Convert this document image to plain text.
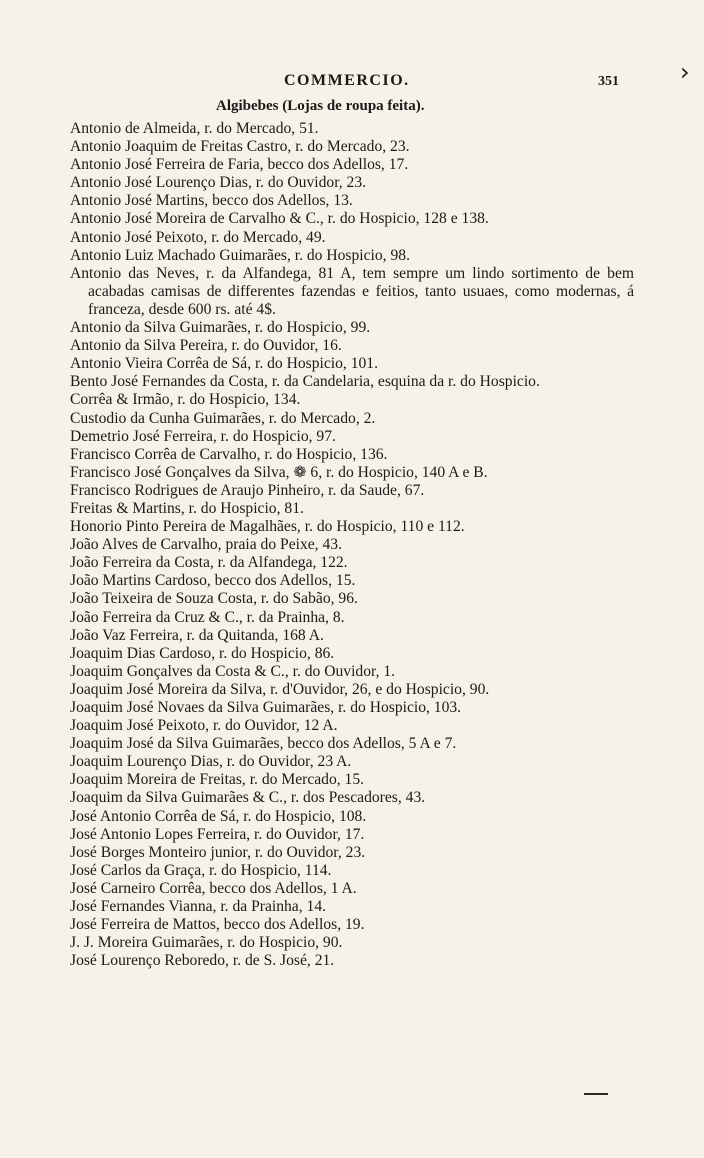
COMMERCIO.	351	›
Algibebes (Lojas de roupa feita).
Antonio de Almeida, r. do Mercado, 51.
Antonio Joaquim de Freitas Castro, r. do Mercado, 23.
Antonio José Ferreira de Faria, becco dos Adellos, 17.
Antonio José Lourenço Dias, r. do Ouvidor, 23.
Antonio José Martins, becco dos Adellos, 13.
Antonio José Moreira de Carvalho & C., r. do Hospicio, 128 e 138.
Antonio José Peixoto, r. do Mercado, 49.
Antonio Luiz Machado Guimarães, r. do Hospicio, 98.
Antonio das Neves, r. da Alfandega, 81 A, tem sempre um lindo sortimento de bem acabadas camisas de differentes fazendas e feitios, tanto usuaes, como modernas, á franceza, desde 600 rs. até 4$.
Antonio da Silva Guimarães, r. do Hospicio, 99.
Antonio da Silva Pereira, r. do Ouvidor, 16.
Antonio Vieira Corrêa de Sá, r. do Hospicio, 101.
Bento José Fernandes da Costa, r. da Candelaria, esquina da r. do Hospicio.
Corrêa & Irmão, r. do Hospicio, 134.
Custodio da Cunha Guimarães, r. do Mercado, 2.
Demetrio José Ferreira, r. do Hospicio, 97.
Francisco Corrêa de Carvalho, r. do Hospicio, 136.
Francisco José Gonçalves da Silva, ❁ 6, r. do Hospicio, 140 A e B.
Francisco Rodrigues de Araujo Pinheiro, r. da Saude, 67.
Freitas & Martins, r. do Hospicio, 81.
Honorio Pinto Pereira de Magalhães, r. do Hospicio, 110 e 112.
João Alves de Carvalho, praia do Peixe, 43.
João Ferreira da Costa, r. da Alfandega, 122.
João Martins Cardoso, becco dos Adellos, 15.
João Teixeira de Souza Costa, r. do Sabão, 96.
João Ferreira da Cruz & C., r. da Prainha, 8.
João Vaz Ferreira, r. da Quitanda, 168 A.
Joaquim Dias Cardoso, r. do Hospicio, 86.
Joaquim Gonçalves da Costa & C., r. do Ouvidor, 1.
Joaquim José Moreira da Silva, r. d'Ouvidor, 26, e do Hospicio, 90.
Joaquim José Novaes da Silva Guimarães, r. do Hospicio, 103.
Joaquim José Peixoto, r. do Ouvidor, 12 A.
Joaquim José da Silva Guimarães, becco dos Adellos, 5 A e 7.
Joaquim Lourenço Dias, r. do Ouvidor, 23 A.
Joaquim Moreira de Freitas, r. do Mercado, 15.
Joaquim da Silva Guimarães & C., r. dos Pescadores, 43.
José Antonio Corrêa de Sá, r. do Hospicio, 108.
José Antonio Lopes Ferreira, r. do Ouvidor, 17.
José Borges Monteiro junior, r. do Ouvidor, 23.
José Carlos da Graça, r. do Hospicio, 114.
José Carneiro Corrêa, becco dos Adellos, 1 A.
José Fernandes Vianna, r. da Prainha, 14.
José Ferreira de Mattos, becco dos Adellos, 19.
J. J. Moreira Guimarães, r. do Hospicio, 90.
José Lourenço Reboredo, r. de S. José, 21.
